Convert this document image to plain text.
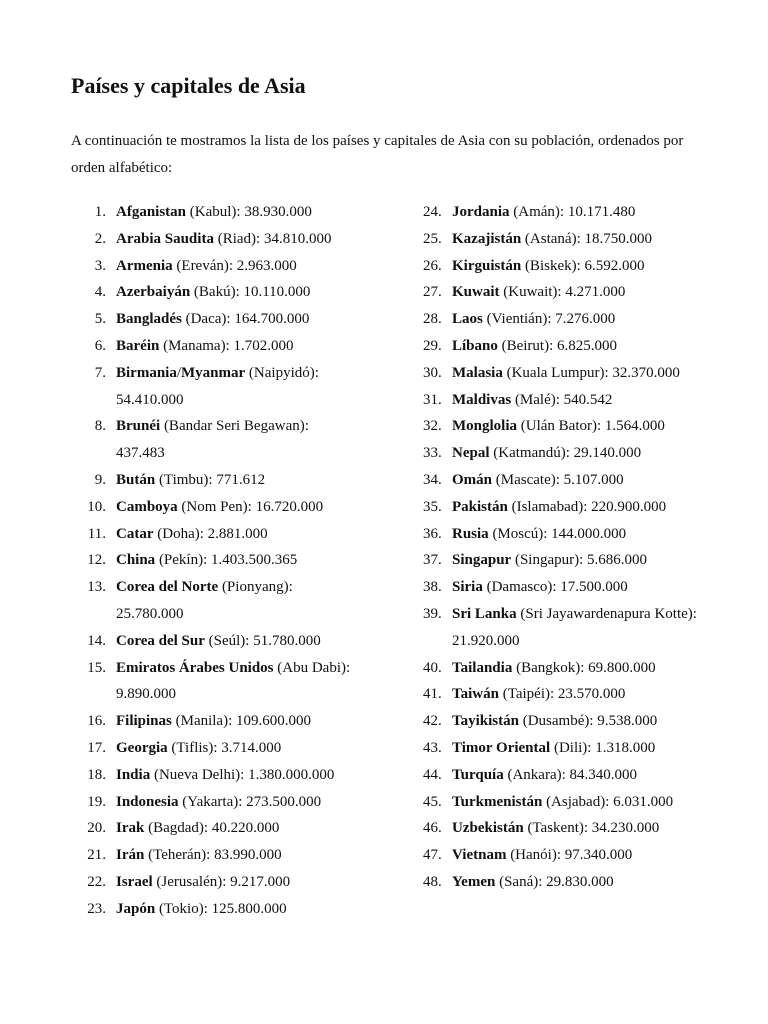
Países y capitales de Asia

A continuación te mostramos la lista de los países y capitales de Asia con su población, ordenados por orden alfabético:

1. Afganistan (Kabul): 38.930.000
2. Arabia Saudita (Riad): 34.810.000
3. Armenia (Ereván): 2.963.000
4. Azerbaiyán (Bakú): 10.110.000
5. Bangladés (Daca): 164.700.000
6. Baréin (Manama): 1.702.000
7. Birmania/Myanmar (Naipyidó): 54.410.000
8. Brunéi (Bandar Seri Begawan): 437.483
9. Bután (Timbu): 771.612
10. Camboya (Nom Pen): 16.720.000
11. Catar (Doha): 2.881.000
12. China (Pekín): 1.403.500.365
13. Corea del Norte (Pionyang): 25.780.000
14. Corea del Sur (Seúl): 51.780.000
15. Emiratos Árabes Unidos (Abu Dabi): 9.890.000
16. Filipinas (Manila): 109.600.000
17. Georgia (Tiflis): 3.714.000
18. India (Nueva Delhi): 1.380.000.000
19. Indonesia (Yakarta): 273.500.000
20. Irak (Bagdad): 40.220.000
21. Irán (Teherán): 83.990.000
22. Israel (Jerusalén): 9.217.000
23. Japón (Tokio): 125.800.000
24. Jordania (Amán): 10.171.480
25. Kazajistán (Astaná): 18.750.000
26. Kirguistán (Biskek): 6.592.000
27. Kuwait (Kuwait): 4.271.000
28. Laos (Vientián): 7.276.000
29. Líbano (Beirut): 6.825.000
30. Malasia (Kuala Lumpur): 32.370.000
31. Maldivas (Malé): 540.542
32. Monglolia (Ulán Bator): 1.564.000
33. Nepal (Katmandú): 29.140.000
34. Omán (Mascate): 5.107.000
35. Pakistán (Islamabad): 220.900.000
36. Rusia (Moscú): 144.000.000
37. Singapur (Singapur): 5.686.000
38. Siria (Damasco): 17.500.000
39. Sri Lanka (Sri Jayawardenapura Kotte): 21.920.000
40. Tailandia (Bangkok): 69.800.000
41. Taiwán (Taipéi): 23.570.000
42. Tayikistán (Dusambé): 9.538.000
43. Timor Oriental (Dili): 1.318.000
44. Turquía (Ankara): 84.340.000
45. Turkmenistán (Asjabad): 6.031.000
46. Uzbekistán (Taskent): 34.230.000
47. Vietnam (Hanói): 97.340.000
48. Yemen (Saná): 29.830.000
